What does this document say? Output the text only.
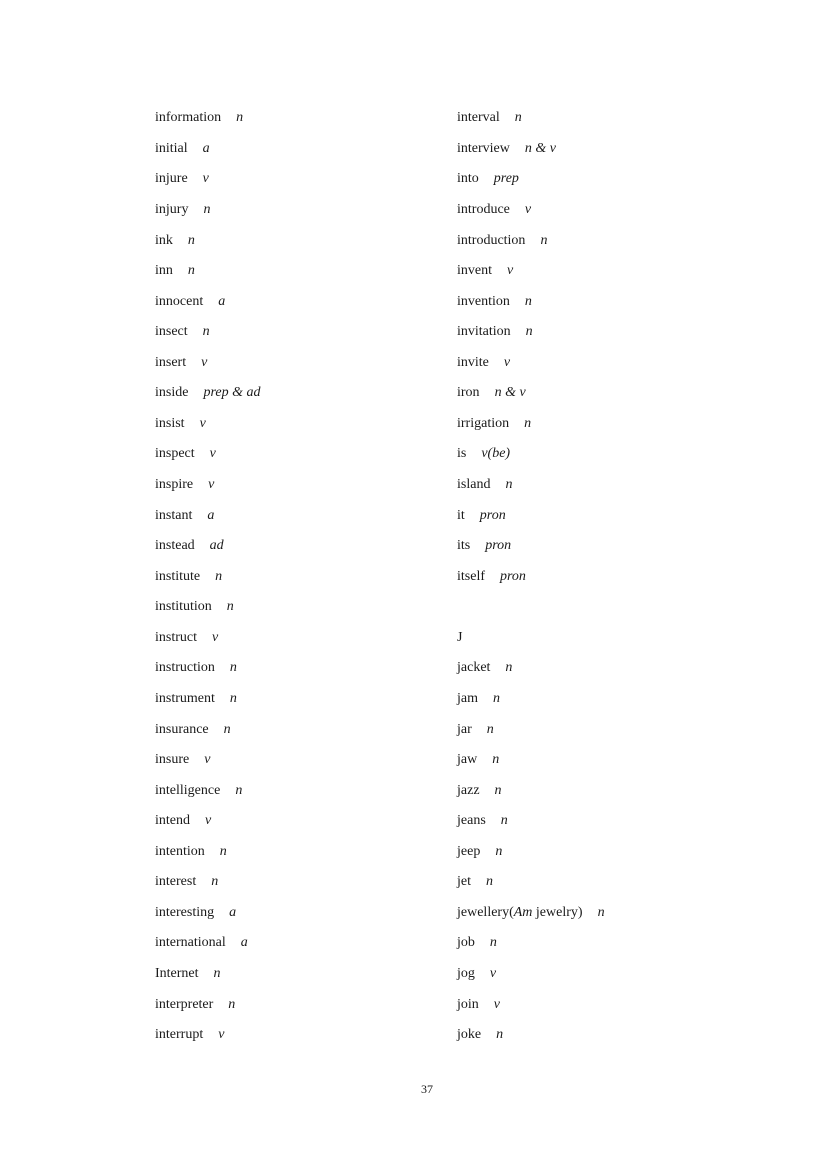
information n
initial a
injure v
injury n
ink n
inn n
innocent a
insect n
insert v
inside prep & ad
insist v
inspect v
inspire v
instant a
instead ad
institute n
institution n
instruct v
instruction n
instrument n
insurance n
insure v
intelligence n
intend v
intention n
interest n
interesting a
international a
Internet n
interpreter n
interrupt v
interval n
interview n & v
into prep
introduce v
introduction n
invent v
invention n
invitation n
invite v
iron n & v
irrigation n
is v(be)
island n
it pron
its pron
itself pron
J
jacket n
jam n
jar n
jaw n
jazz n
jeans n
jeep n
jet n
jewellery(Am jewelry) n
job n
jog v
join v
joke n
37
